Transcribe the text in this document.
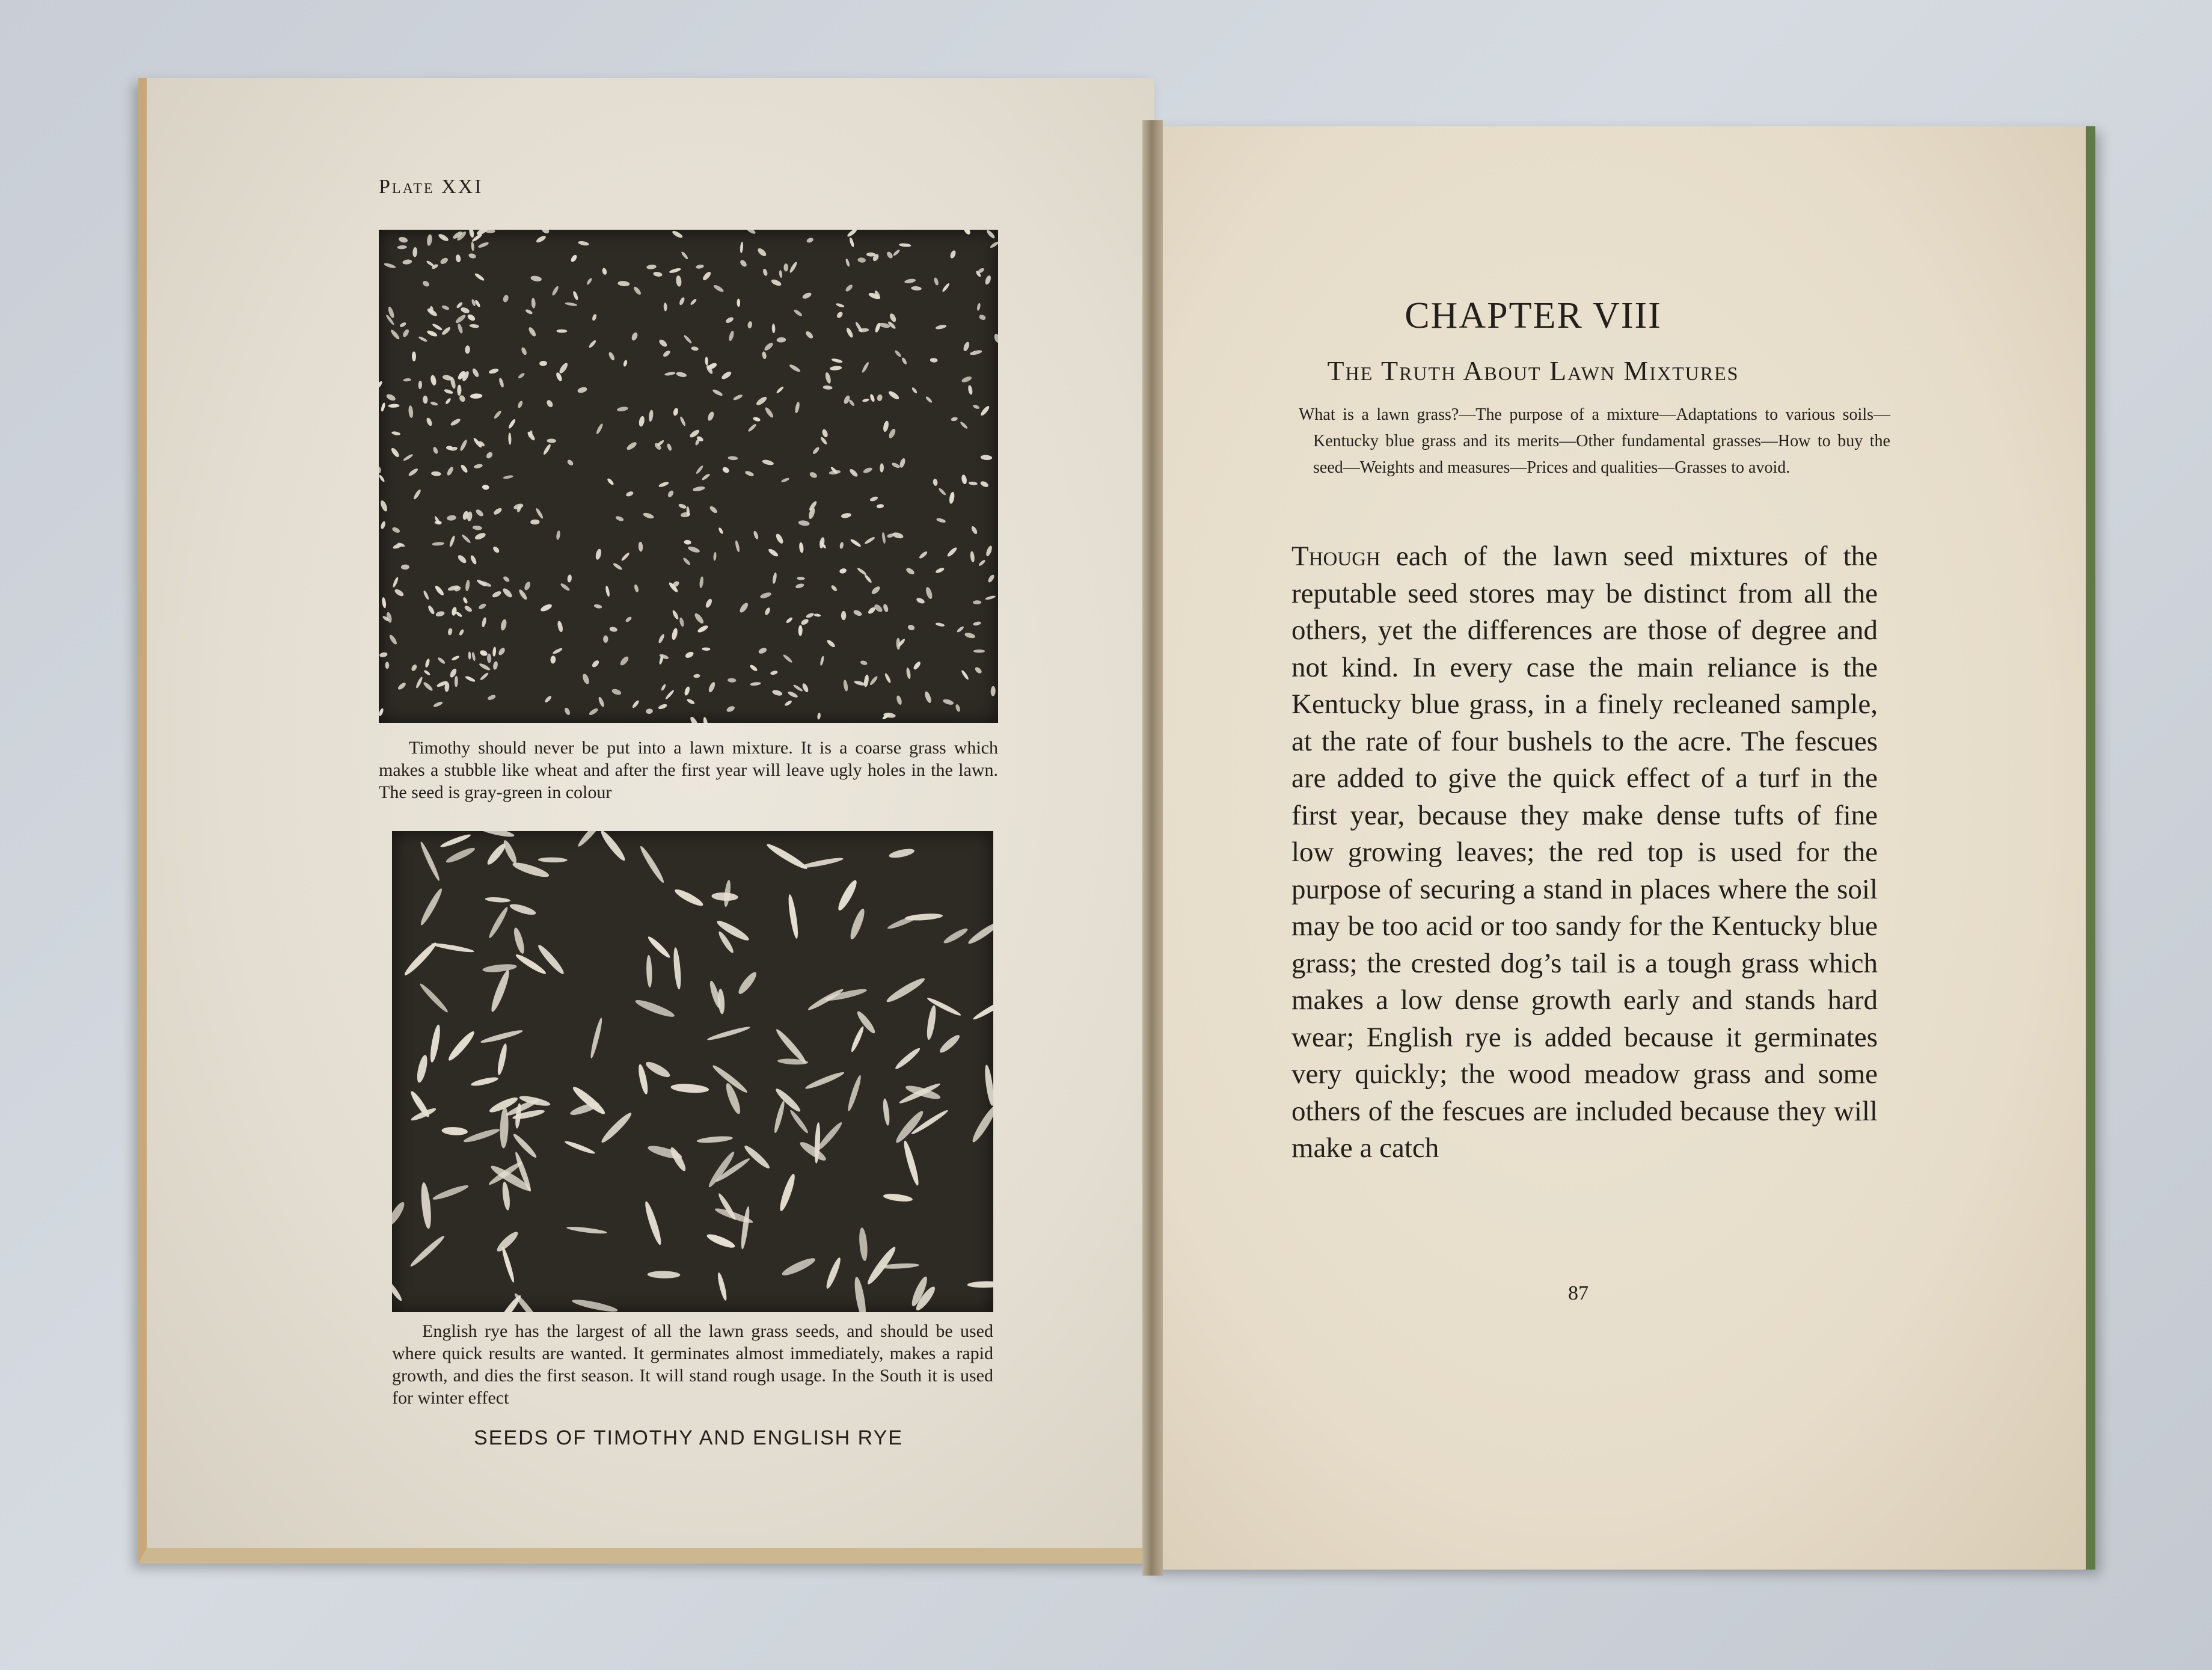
Plate XXI
Timothy should never be put into a lawn mixture. It is a coarse grass which makes a stubble like wheat and after the first year will leave ugly holes in the lawn. The seed is gray-green in colour
English rye has the largest of all the lawn grass seeds, and should be used where quick results are wanted. It germinates almost immediately, makes a rapid growth, and dies the first season. It will stand rough usage. In the South it is used for winter effect
SEEDS OF TIMOTHY AND ENGLISH RYE
CHAPTER VIII
The Truth About Lawn Mixtures
What is a lawn grass?—The purpose of a mixture—Adaptations to various soils—Kentucky blue grass and its merits—Other fundamental grasses—How to buy the seed—Weights and measures—Prices and qualities—Grasses to avoid.
Though each of the lawn seed mixtures of the reputable seed stores may be distinct from all the others, yet the differences are those of degree and not kind. In every case the main reliance is the Kentucky blue grass, in a finely recleaned sample, at the rate of four bushels to the acre. The fescues are added to give the quick effect of a turf in the first year, because they make dense tufts of fine low growing leaves; the red top is used for the purpose of securing a stand in places where the soil may be too acid or too sandy for the Kentucky blue grass; the crested dog’s tail is a tough grass which makes a low dense growth early and stands hard wear; English rye is added because it germinates very quickly; the wood meadow grass and some others of the fescues are included because they will make a catch
87
